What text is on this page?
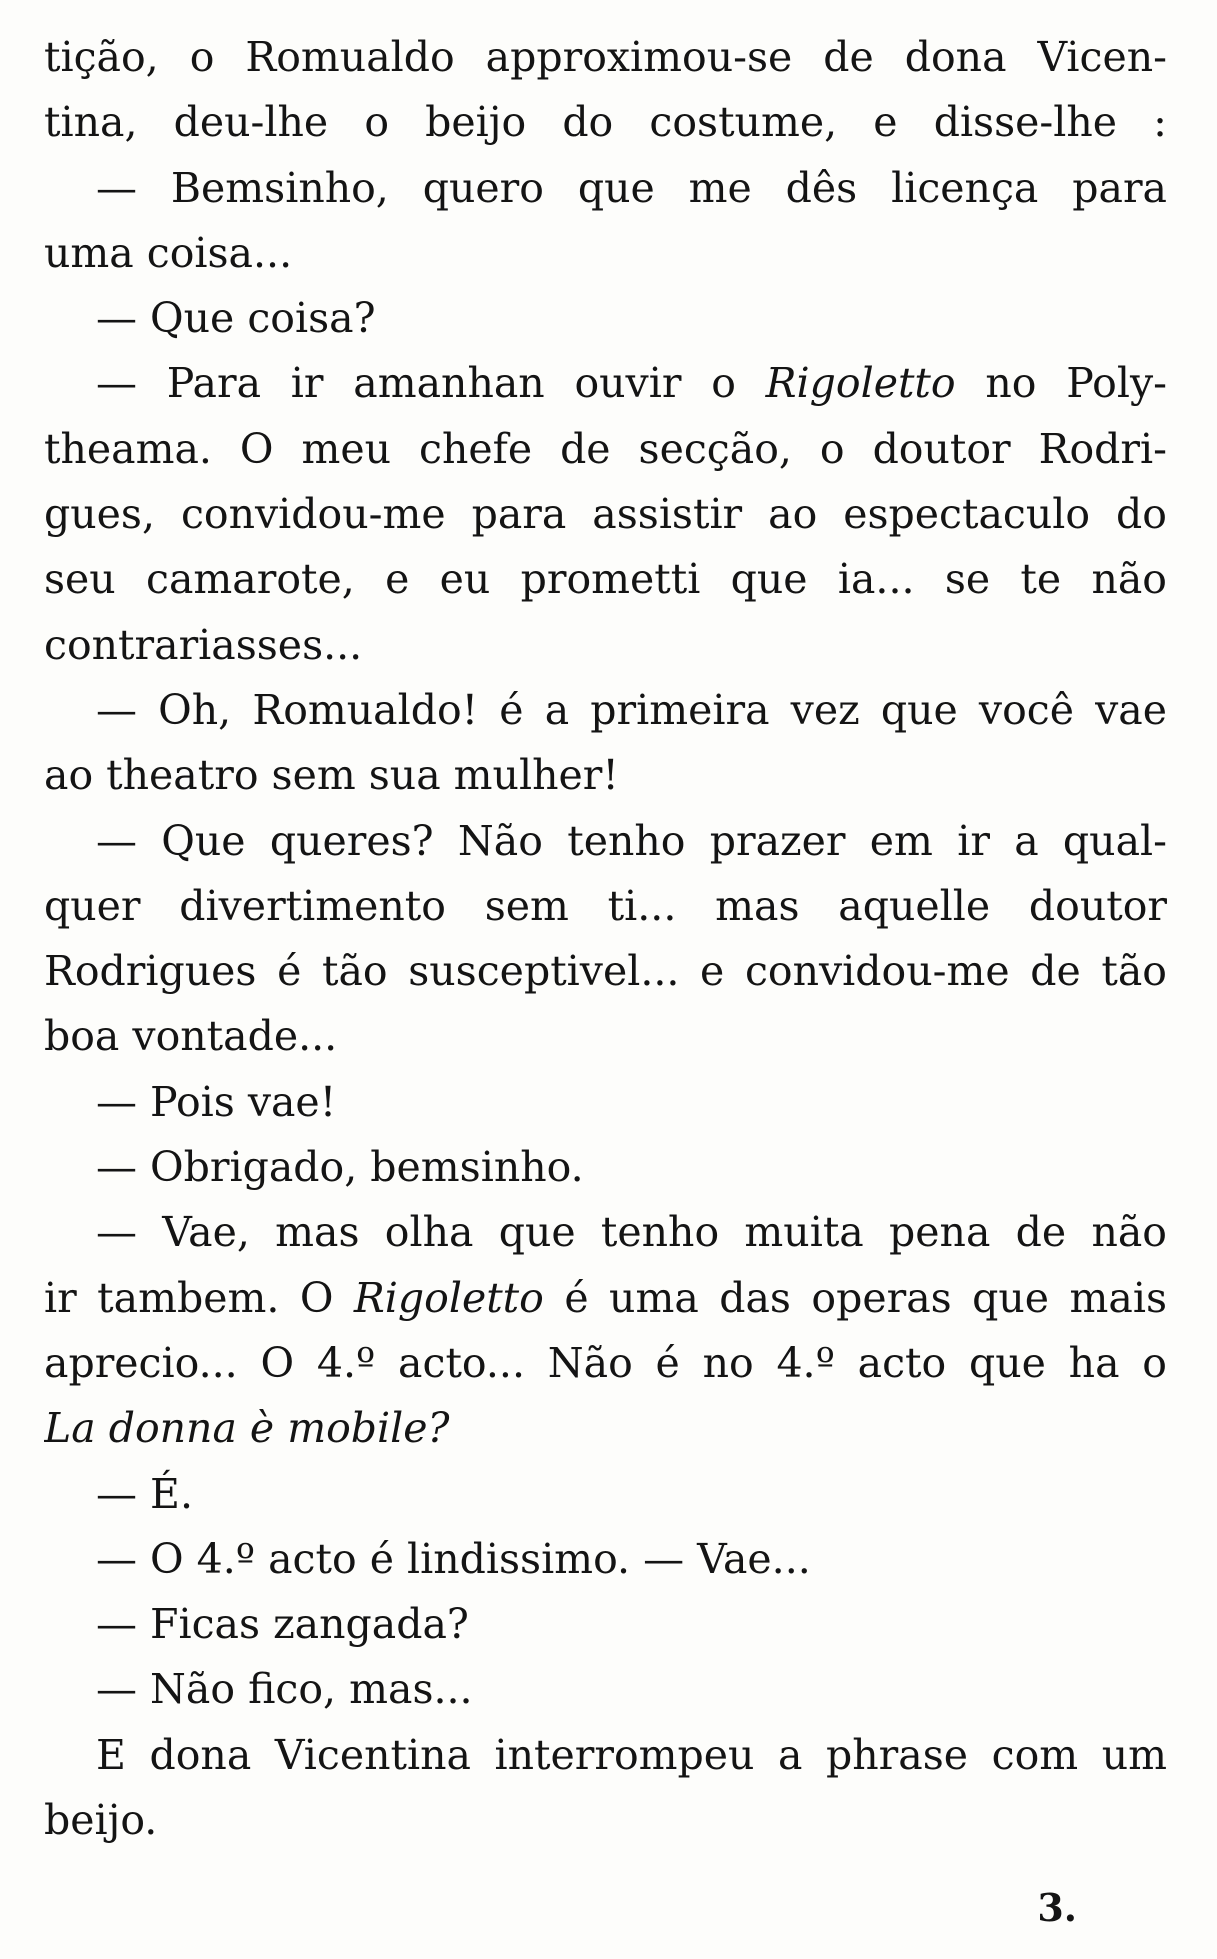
tição, o Romualdo approximou-se de dona Vicen-
tina, deu-lhe o beijo do costume, e disse-lhe :
— Bemsinho, quero que me dês licença para
uma coisa...
— Que coisa?
— Para ir amanhan ouvir o Rigoletto no Poly-
theama. O meu chefe de secção, o doutor Rodri-
gues, convidou-me para assistir ao espectaculo do
seu camarote, e eu prometti que ia... se te não
contrariasses...
— Oh, Romualdo! é a primeira vez que você vae
ao theatro sem sua mulher!
— Que queres? Não tenho prazer em ir a qual-
quer divertimento sem ti... mas aquelle doutor
Rodrigues é tão susceptivel... e convidou-me de tão
boa vontade...
— Pois vae!
— Obrigado, bemsinho.
— Vae, mas olha que tenho muita pena de não
ir tambem. O Rigoletto é uma das operas que mais
aprecio... O 4.º acto... Não é no 4.º acto que ha o
La donna è mobile?
— É.
— O 4.º acto é lindissimo. — Vae...
— Ficas zangada?
— Não fico, mas...
E dona Vicentina interrompeu a phrase com um
beijo.
3.
